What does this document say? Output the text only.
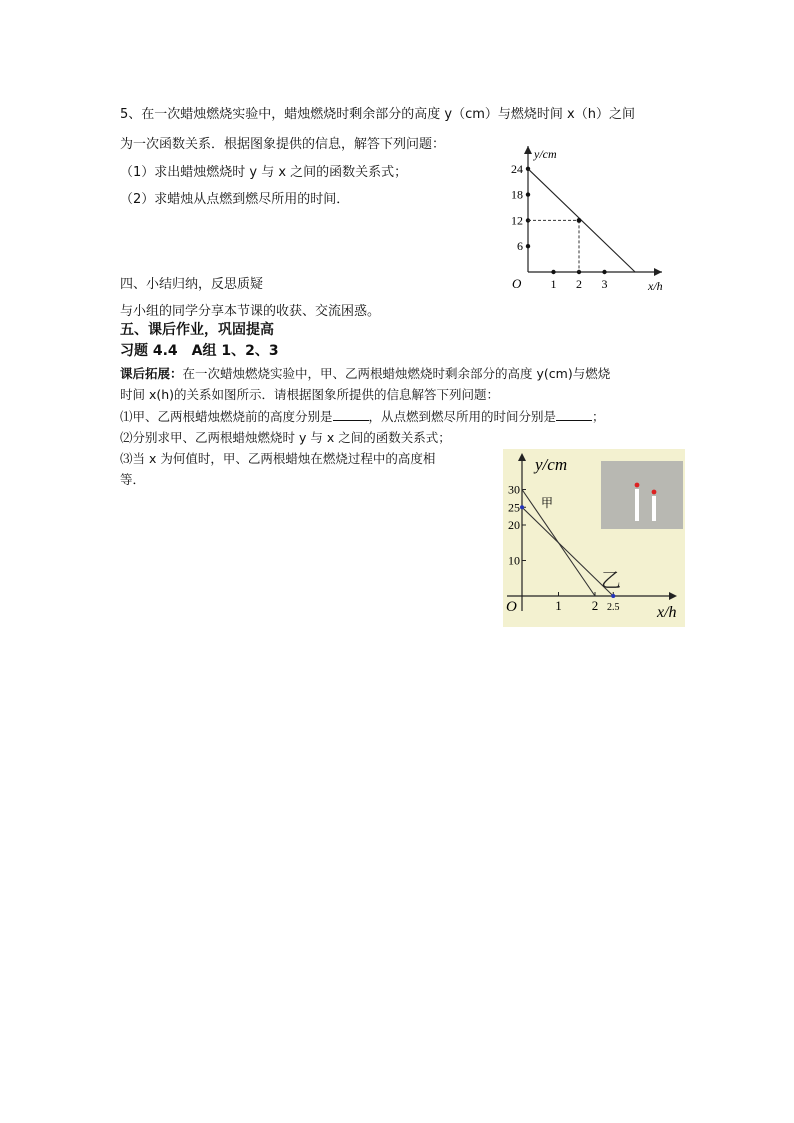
5、在一次蜡烛燃烧实验中，蜡烛燃烧时剩余部分的高度 y（cm）与燃烧时间 x（h）之间
为一次函数关系．根据图象提供的信息，解答下列问题：
（1）求出蜡烛燃烧时 y 与 x 之间的函数关系式；
（2）求蜡烛从点燃到燃尽所用的时间．
y/cm
x/h
O 1 2 3
6
12
18
24
四、小结归纳，反思质疑
与小组的同学分享本节课的收获、交流困惑。
五、课后作业，巩固提高
习题 4.4　A组 1、2、3
课后拓展：在一次蜡烛燃烧实验中，甲、乙两根蜡烛燃烧时剩余部分的高度 y(cm)与燃烧
时间 x(h)的关系如图所示．请根据图象所提供的信息解答下列问题：
⑴甲、乙两根蜡烛燃烧前的高度分别是	，从点燃到燃尽所用的时间分别是	；
⑵分别求甲、乙两根蜡烛燃烧时 y 与 x 之间的函数关系式；
⑶当 x 为何值时，甲、乙两根蜡烛在燃烧过程中的高度相
等．
y/cm
x/h
O
10
20
25
30
1 2 2.5
甲
乙
